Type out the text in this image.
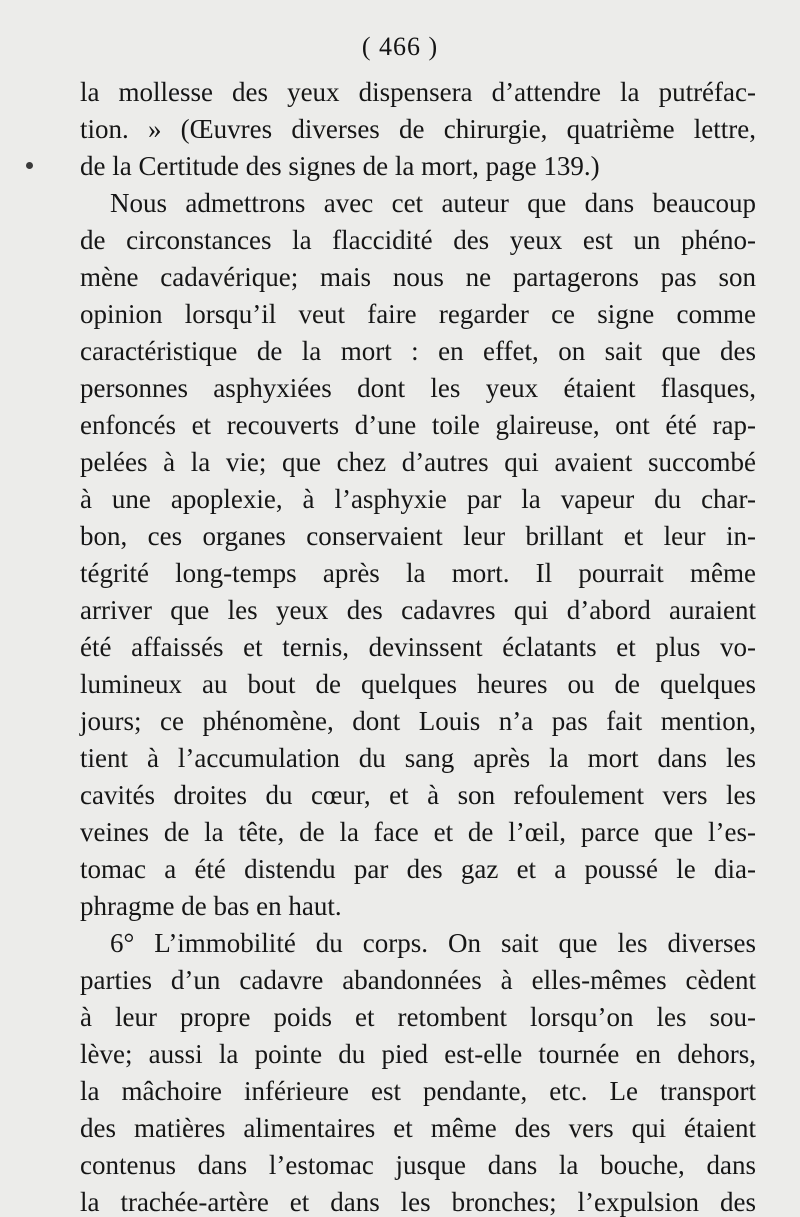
( 466 )
la mollesse des yeux dispensera d’attendre la putréfac-
tion. » (Œuvres diverses de chirurgie, quatrième lettre,
de la Certitude des signes de la mort, page 139.)
Nous admettrons avec cet auteur que dans beaucoup
de circonstances la flaccidité des yeux est un phéno-
mène cadavérique; mais nous ne partagerons pas son
opinion lorsqu’il veut faire regarder ce signe comme
caractéristique de la mort : en effet, on sait que des
personnes asphyxiées dont les yeux étaient flasques,
enfoncés et recouverts d’une toile glaireuse, ont été rap-
pelées à la vie; que chez d’autres qui avaient succombé
à une apoplexie, à l’asphyxie par la vapeur du char-
bon, ces organes conservaient leur brillant et leur in-
tégrité long-temps après la mort. Il pourrait même
arriver que les yeux des cadavres qui d’abord auraient
été affaissés et ternis, devinssent éclatants et plus vo-
lumineux au bout de quelques heures ou de quelques
jours; ce phénomène, dont Louis n’a pas fait mention,
tient à l’accumulation du sang après la mort dans les
cavités droites du cœur, et à son refoulement vers les
veines de la tête, de la face et de l’œil, parce que l’es-
tomac a été distendu par des gaz et a poussé le dia-
phragme de bas en haut.
6° L’immobilité du corps. On sait que les diverses
parties d’un cadavre abandonnées à elles-mêmes cèdent
à leur propre poids et retombent lorsqu’on les sou-
lève; aussi la pointe du pied est-elle tournée en dehors,
la mâchoire inférieure est pendante, etc. Le transport
des matières alimentaires et même des vers qui étaient
contenus dans l’estomac jusque dans la bouche, dans
la trachée-artère et dans les bronches; l’expulsion des
